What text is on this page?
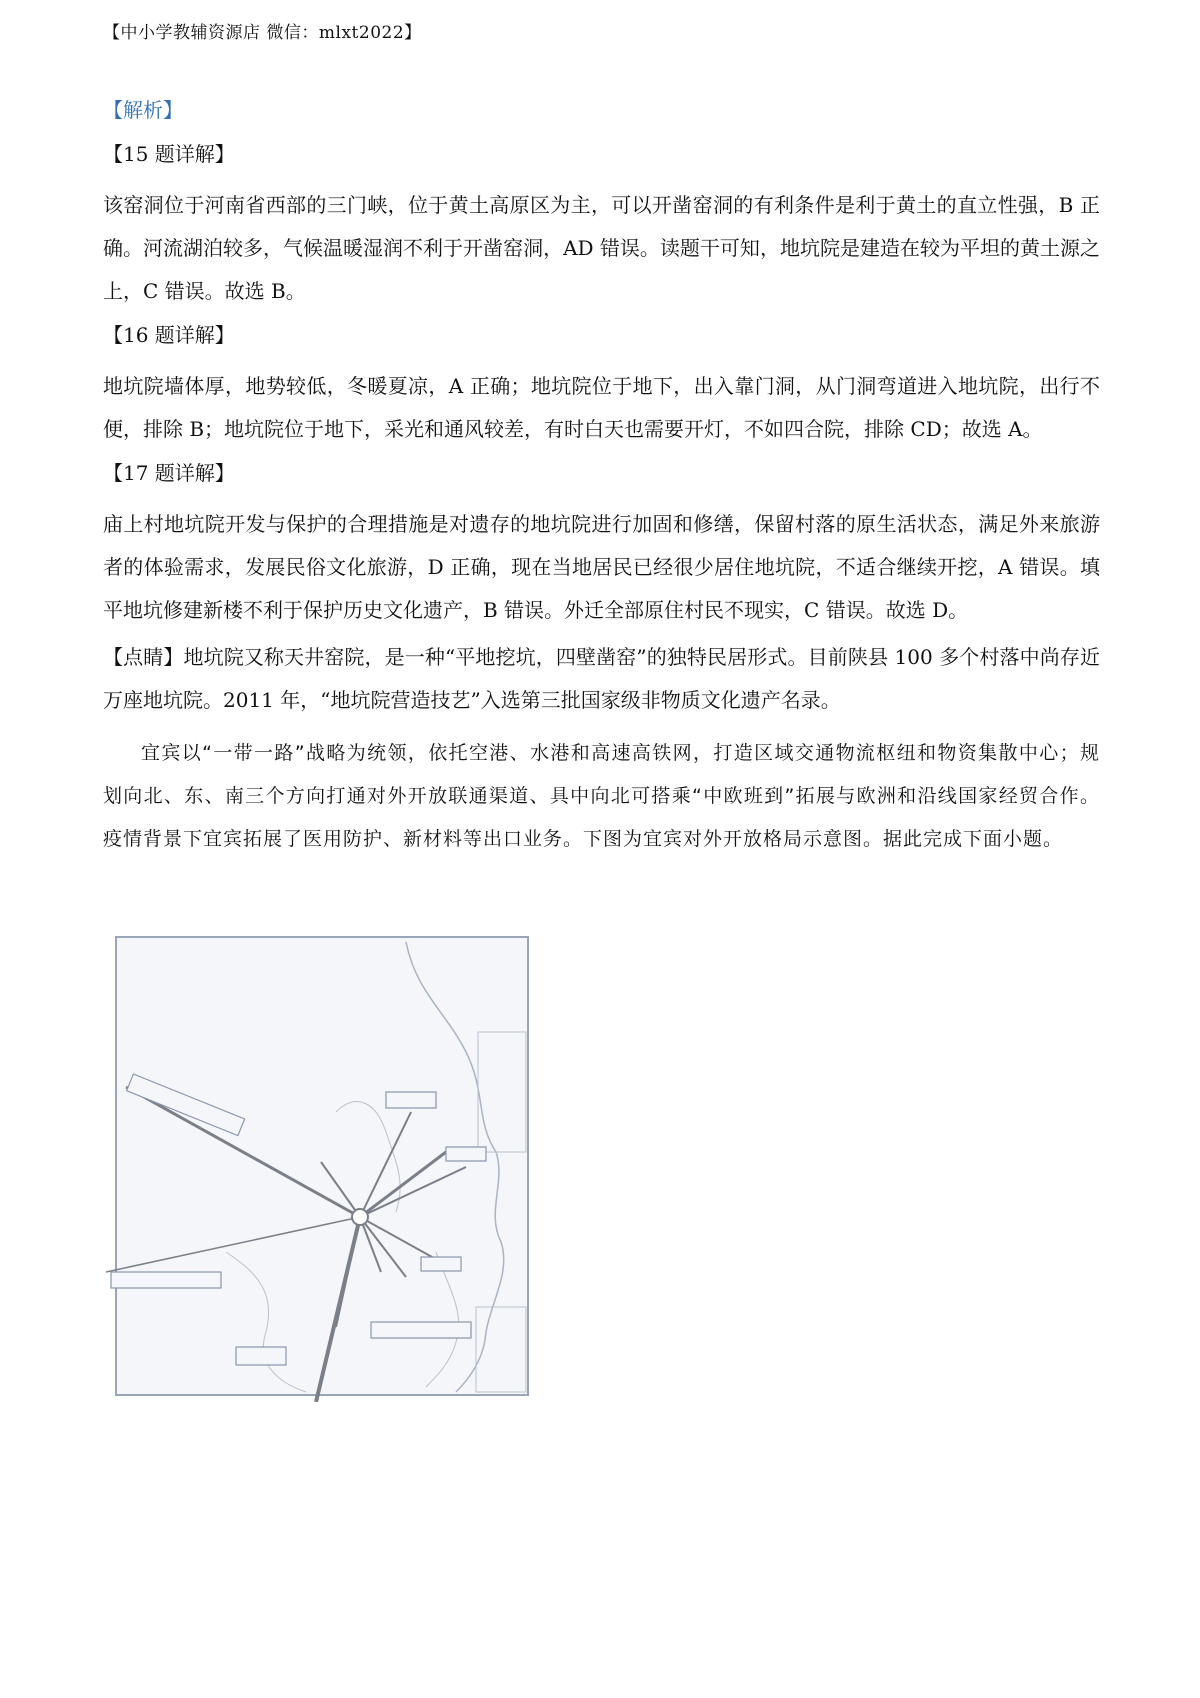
【中小学教辅资源店 微信：mlxt2022】
【解析】
【15 题详解】

该窑洞位于河南省西部的三门峡，位于黄土高原区为主，可以开凿窑洞的有利条件是利于黄土的直立性强，B 正确。河流湖泊较多，气候温暖湿润不利于开凿窑洞，AD 错误。读题干可知，地坑院是建造在较为平坦的黄土源之上，C 错误。故选 B。

【16 题详解】

地坑院墙体厚，地势较低，冬暖夏凉，A 正确；地坑院位于地下，出入靠门洞，从门洞弯道进入地坑院，出行不便，排除 B；地坑院位于地下，采光和通风较差，有时白天也需要开灯，不如四合院，排除 CD；故选 A。

【17 题详解】

庙上村地坑院开发与保护的合理措施是对遗存的地坑院进行加固和修缮，保留村落的原生活状态，满足外来旅游者的体验需求，发展民俗文化旅游，D 正确，现在当地居民已经很少居住地坑院，不适合继续开挖，A 错误。填平地坑修建新楼不利于保护历史文化遗产，B 错误。外迁全部原住村民不现实，C 错误。故选 D。

【点睛】地坑院又称天井窑院，是一种“平地挖坑，四壁凿窑”的独特民居形式。目前陕县 100 多个村落中尚存近万座地坑院。2011 年，“地坑院营造技艺”入选第三批国家级非物质文化遗产名录。

宜宾以“一带一路”战略为统领，依托空港、水港和高速高铁网，打造区域交通物流枢纽和物资集散中心；规划向北、东、南三个方向打通对外开放联通渠道、具中向北可搭乘“中欧班到”拓展与欧洲和沿线国家经贸合作。疫情背景下宜宾拓展了医用防护、新材料等出口业务。下图为宜宾对外开放格局示意图。据此完成下面小题。
